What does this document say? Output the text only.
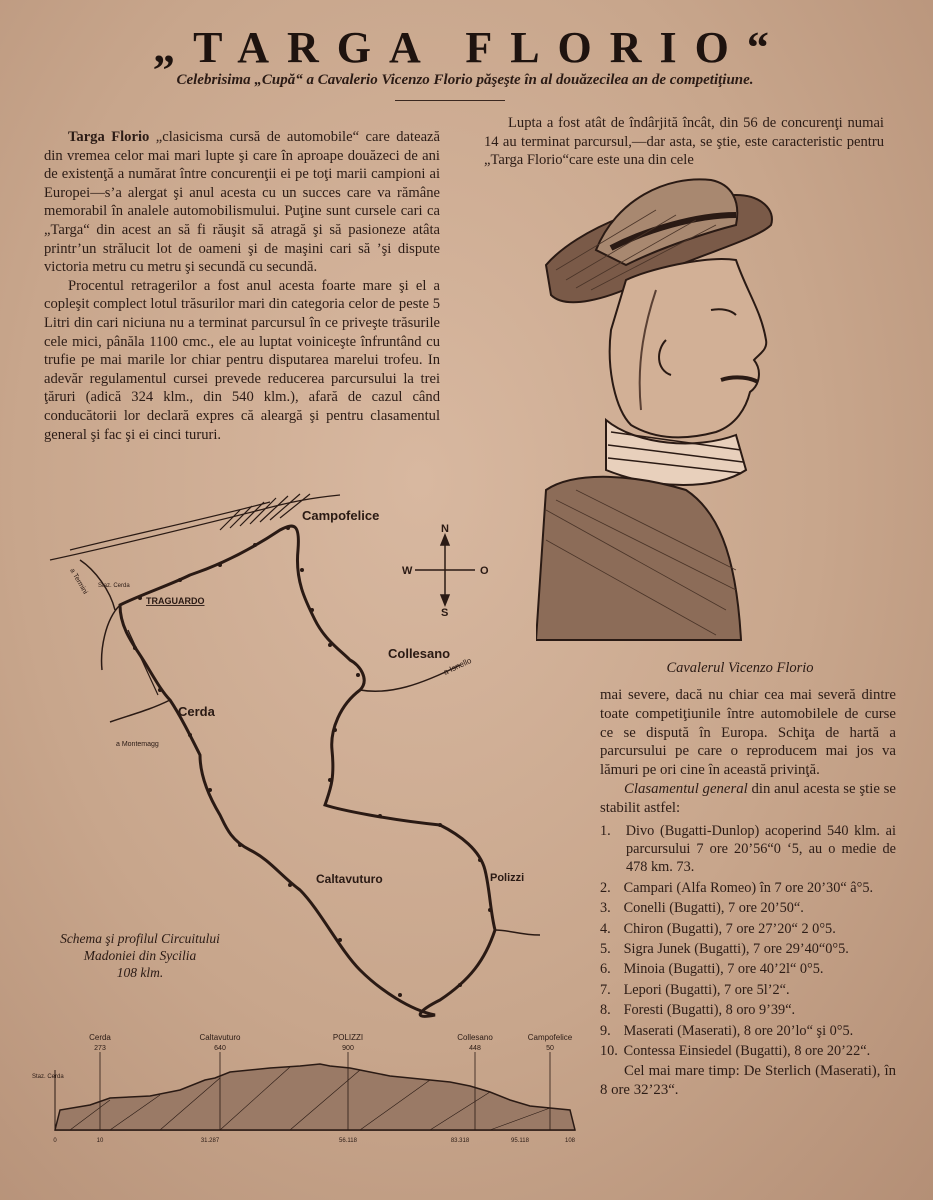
„TARGA FLORIO“
Celebrisima „Cupă“ a Cavalerio Vicenzo Florio păşeşte în al douăzecilea an de competiţiune.

Targa Florio „clasicisma cursă de automobile“ care datează din vremea celor mai mari lupte şi care în aproape douăzeci de ani de existenţă a numărat între concurenţii ei pe toţi marii campioni ai Europei—s’a alergat şi anul acesta cu un succes care va rămâne memorabil în analele automobilismului. Puţine sunt cursele cari ca „Targa“ din acest an să fi răuşit să atragă şi să pasioneze atâta printr’un strălucit lot de oameni şi de maşini cari să ’şi dispute victoria metru cu metru şi secundă cu secundă.

Procentul retragerilor a fost anul acesta foarte mare şi el a copleşit complect lotul trăsurilor mari din categoria celor de peste 5 Litri din cari niciuna nu a terminat parcursul în ce priveşte trăsurile cele mici, pânăla 1100 cmc., ele au luptat voiniceşte înfruntând cu trufie pe mai marile lor chiar pentru disputarea marelui trofeu. In adevăr regulamentul cursei prevede reducerea parcursului la trei ţăruri (adică 324 klm., din 540 klm.), afară de cazul când conducătorii lor declară expres că aleargă şi pentru clasamentul general şi fac şi ei cinci tururi.

Lupta a fost atât de îndârjită încât, din 56 de concurenţi numai 14 au terminat parcursul,—dar asta, se ştie, este caracteristic pentru „Targa Florio“care este una din cele

Cavalerul Vicenzo Florio

mai severe, dacă nu chiar cea mai severă dintre toate competiţiunile între automobilele de curse ce se dispută în Europa. Schiţa de hartă a parcursului pe care o reproducem mai jos va lămuri pe ori cine în această privinţă.

Clasamentul general din anul acesta se ştie se stabilit astfel:

1. Divo (Bugatti-Dunlop) acoperind 540 klm. ai parcursului 7 ore 20’56“0 ‘5, au o medie de 478 km. 73.
2. Campari (Alfa Romeo) în 7 ore 20’30“ â°5.
3. Conelli (Bugatti), 7 ore 20’50“.
4. Chiron (Bugatti), 7 ore 27’20“ 2 0°5.
5. Sigra Junek (Bugatti), 7 ore 29’40“0°5.
6. Minoia (Bugatti), 7 ore 40’2l“ 0°5.
7. Lepori (Bugatti), 7 ore 5l’2“.
8. Foresti (Bugatti), 8 oro 9’39“.
9. Maserati (Maserati), 8 ore 20’lo“ şi 0°5.
10. Contessa Einsiedel (Bugatti), 8 ore 20’22“.

Cel mai mare timp: De Sterlich (Maserati), în 8 ore 32’23“.

N
S
W	O
Campofelice
Collesano
Cerda
Caltavuturo	Polizzi
TRAGUARDO
a Montemagg
a Isnello
a Termini Staz. Cerda
Schema şi profilul Circuitului
Madoniei din Sycilia
108 klm.
Cerda
273
Caltavuturo
640
POLIZZI
900
Collesano
448
Campofelice
50
0	10	31.287	56.118	83.318	95.118	108
Staz. Cerda
